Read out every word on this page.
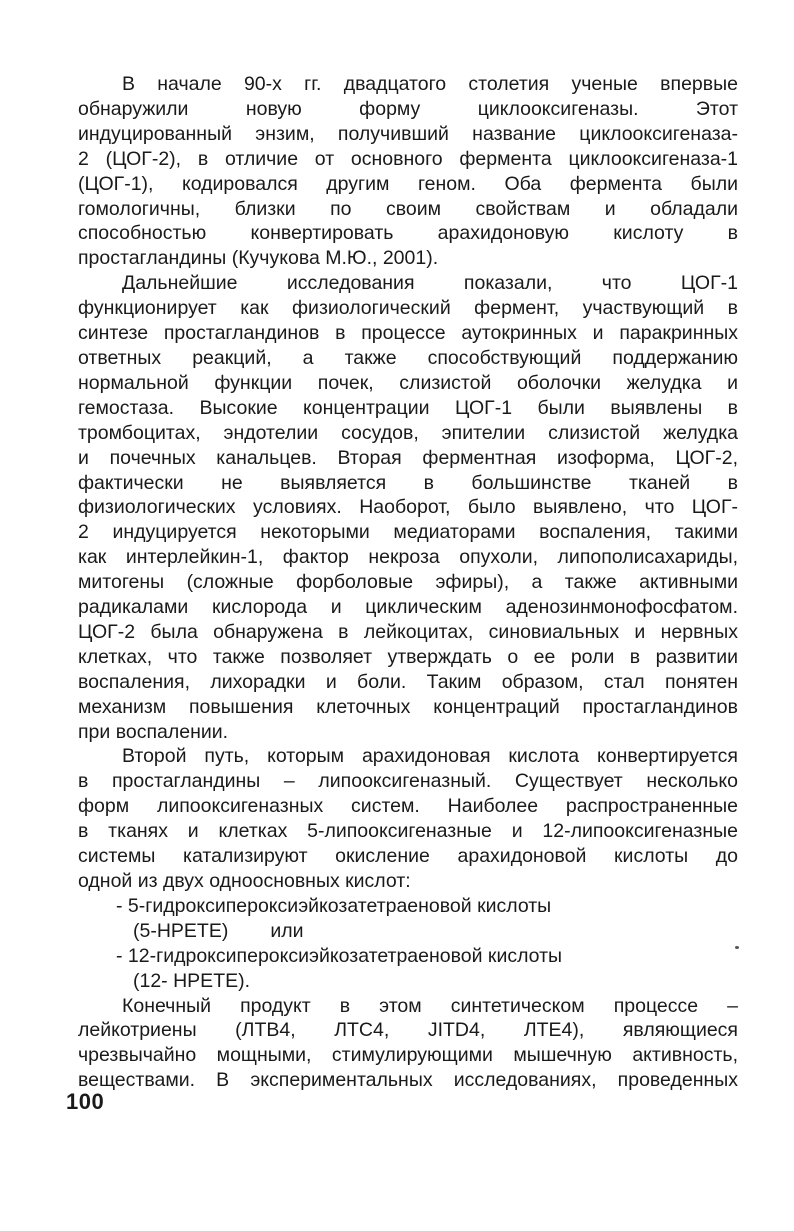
В начале 90-х гг. двадцатого столетия ученые впервые
обнаружили новую форму циклооксигеназы. Этот
индуцированный энзим, получивший название циклооксигеназа-
2 (ЦОГ-2), в отличие от основного фермента циклооксигеназа-1
(ЦОГ-1), кодировался другим геном. Оба фермента были
гомологичны, близки по своим свойствам и обладали
способностью конвертировать арахидоновую кислоту в
простагландины (Кучукова М.Ю., 2001).

Дальнейшие исследования показали, что ЦОГ-1
функционирует как физиологический фермент, участвующий в
синтезе простагландинов в процессе аутокринных и паракринных
ответных реакций, а также способствующий поддержанию
нормальной функции почек, слизистой оболочки желудка и
гемостаза. Высокие концентрации ЦОГ-1 были выявлены в
тромбоцитах, эндотелии сосудов, эпителии слизистой желудка
и почечных канальцев. Вторая ферментная изоформа, ЦОГ-2,
фактически не выявляется в большинстве тканей в
физиологических условиях. Наоборот, было выявлено, что ЦОГ-
2 индуцируется некоторыми медиаторами воспаления, такими
как интерлейкин-1, фактор некроза опухоли, липополисахариды,
митогены (сложные форболовые эфиры), а также активными
радикалами кислорода и циклическим аденозинмонофосфатом.
ЦОГ-2 была обнаружена в лейкоцитах, синовиальных и нервных
клетках, что также позволяет утверждать о ее роли в развитии
воспаления, лихорадки и боли. Таким образом, стал понятен
механизм повышения клеточных концентраций простагландинов
при воспалении.

Второй путь, которым арахидоновая кислота конвертируется
в простагландины – липооксигеназный. Существует несколько
форм липооксигеназных систем. Наиболее распространенные
в тканях и клетках 5-липооксигеназные и 12-липооксигеназные
системы катализируют окисление арахидоновой кислоты до
одной из двух одноосновных кислот:

- 5-гидроксипероксиэйкозатетраеновой кислоты
(5-HPETE) или
- 12-гидроксипероксиэйкозатетраеновой кислоты
(12- HPETE).

Конечный продукт в этом синтетическом процессе –
лейкотриены (ЛТВ4, ЛТС4, JITD4, ЛТЕ4), являющиеся
чрезвычайно мощными, стимулирующими мышечную активность,
веществами. В экспериментальных исследованиях, проведенных

100
